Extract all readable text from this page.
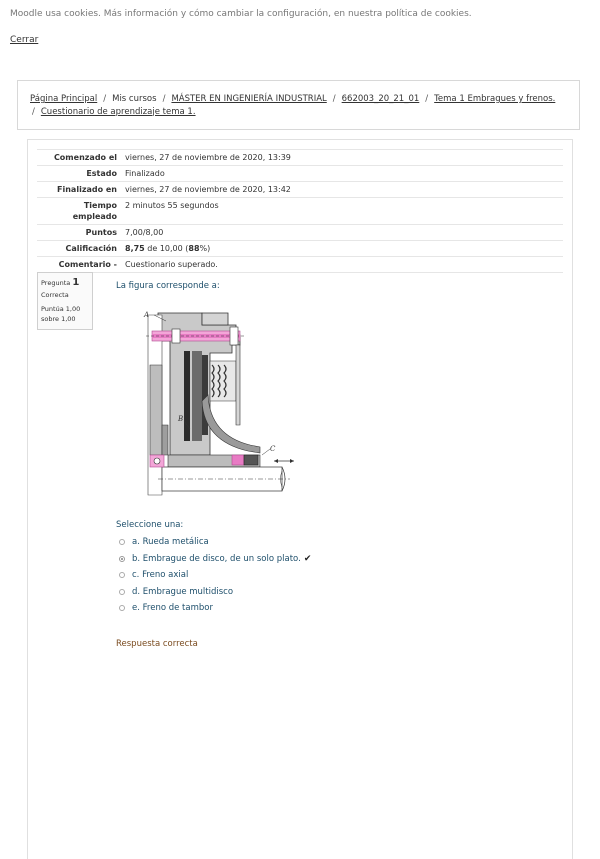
Moodle usa cookies. Más información y cómo cambiar la configuración, en nuestra política de cookies.
Cerrar
Página Principal / Mis cursos / MÁSTER EN INGENIERÍA INDUSTRIAL / 662003_20_21_01 / Tema 1 Embragues y frenos.
/ Cuestionario de aprendizaje tema 1.
Comenzado el	viernes, 27 de noviembre de 2020, 13:39
Estado	Finalizado
Finalizado en	viernes, 27 de noviembre de 2020, 13:42
Tiempo empleado	2 minutos 55 segundos
Puntos	7,00/8,00
Calificación	8,75 de 10,00 (88%)
Comentario -	Cuestionario superado.
Pregunta 1
Correcta
Puntúa 1,00
sobre 1,00
La figura corresponde a:
A
B
C
Seleccione una:
a. Rueda metálica
b. Embrague de disco, de un solo plato. ✔
c. Freno axial
d. Embrague multidisco
e. Freno de tambor
Respuesta correcta
